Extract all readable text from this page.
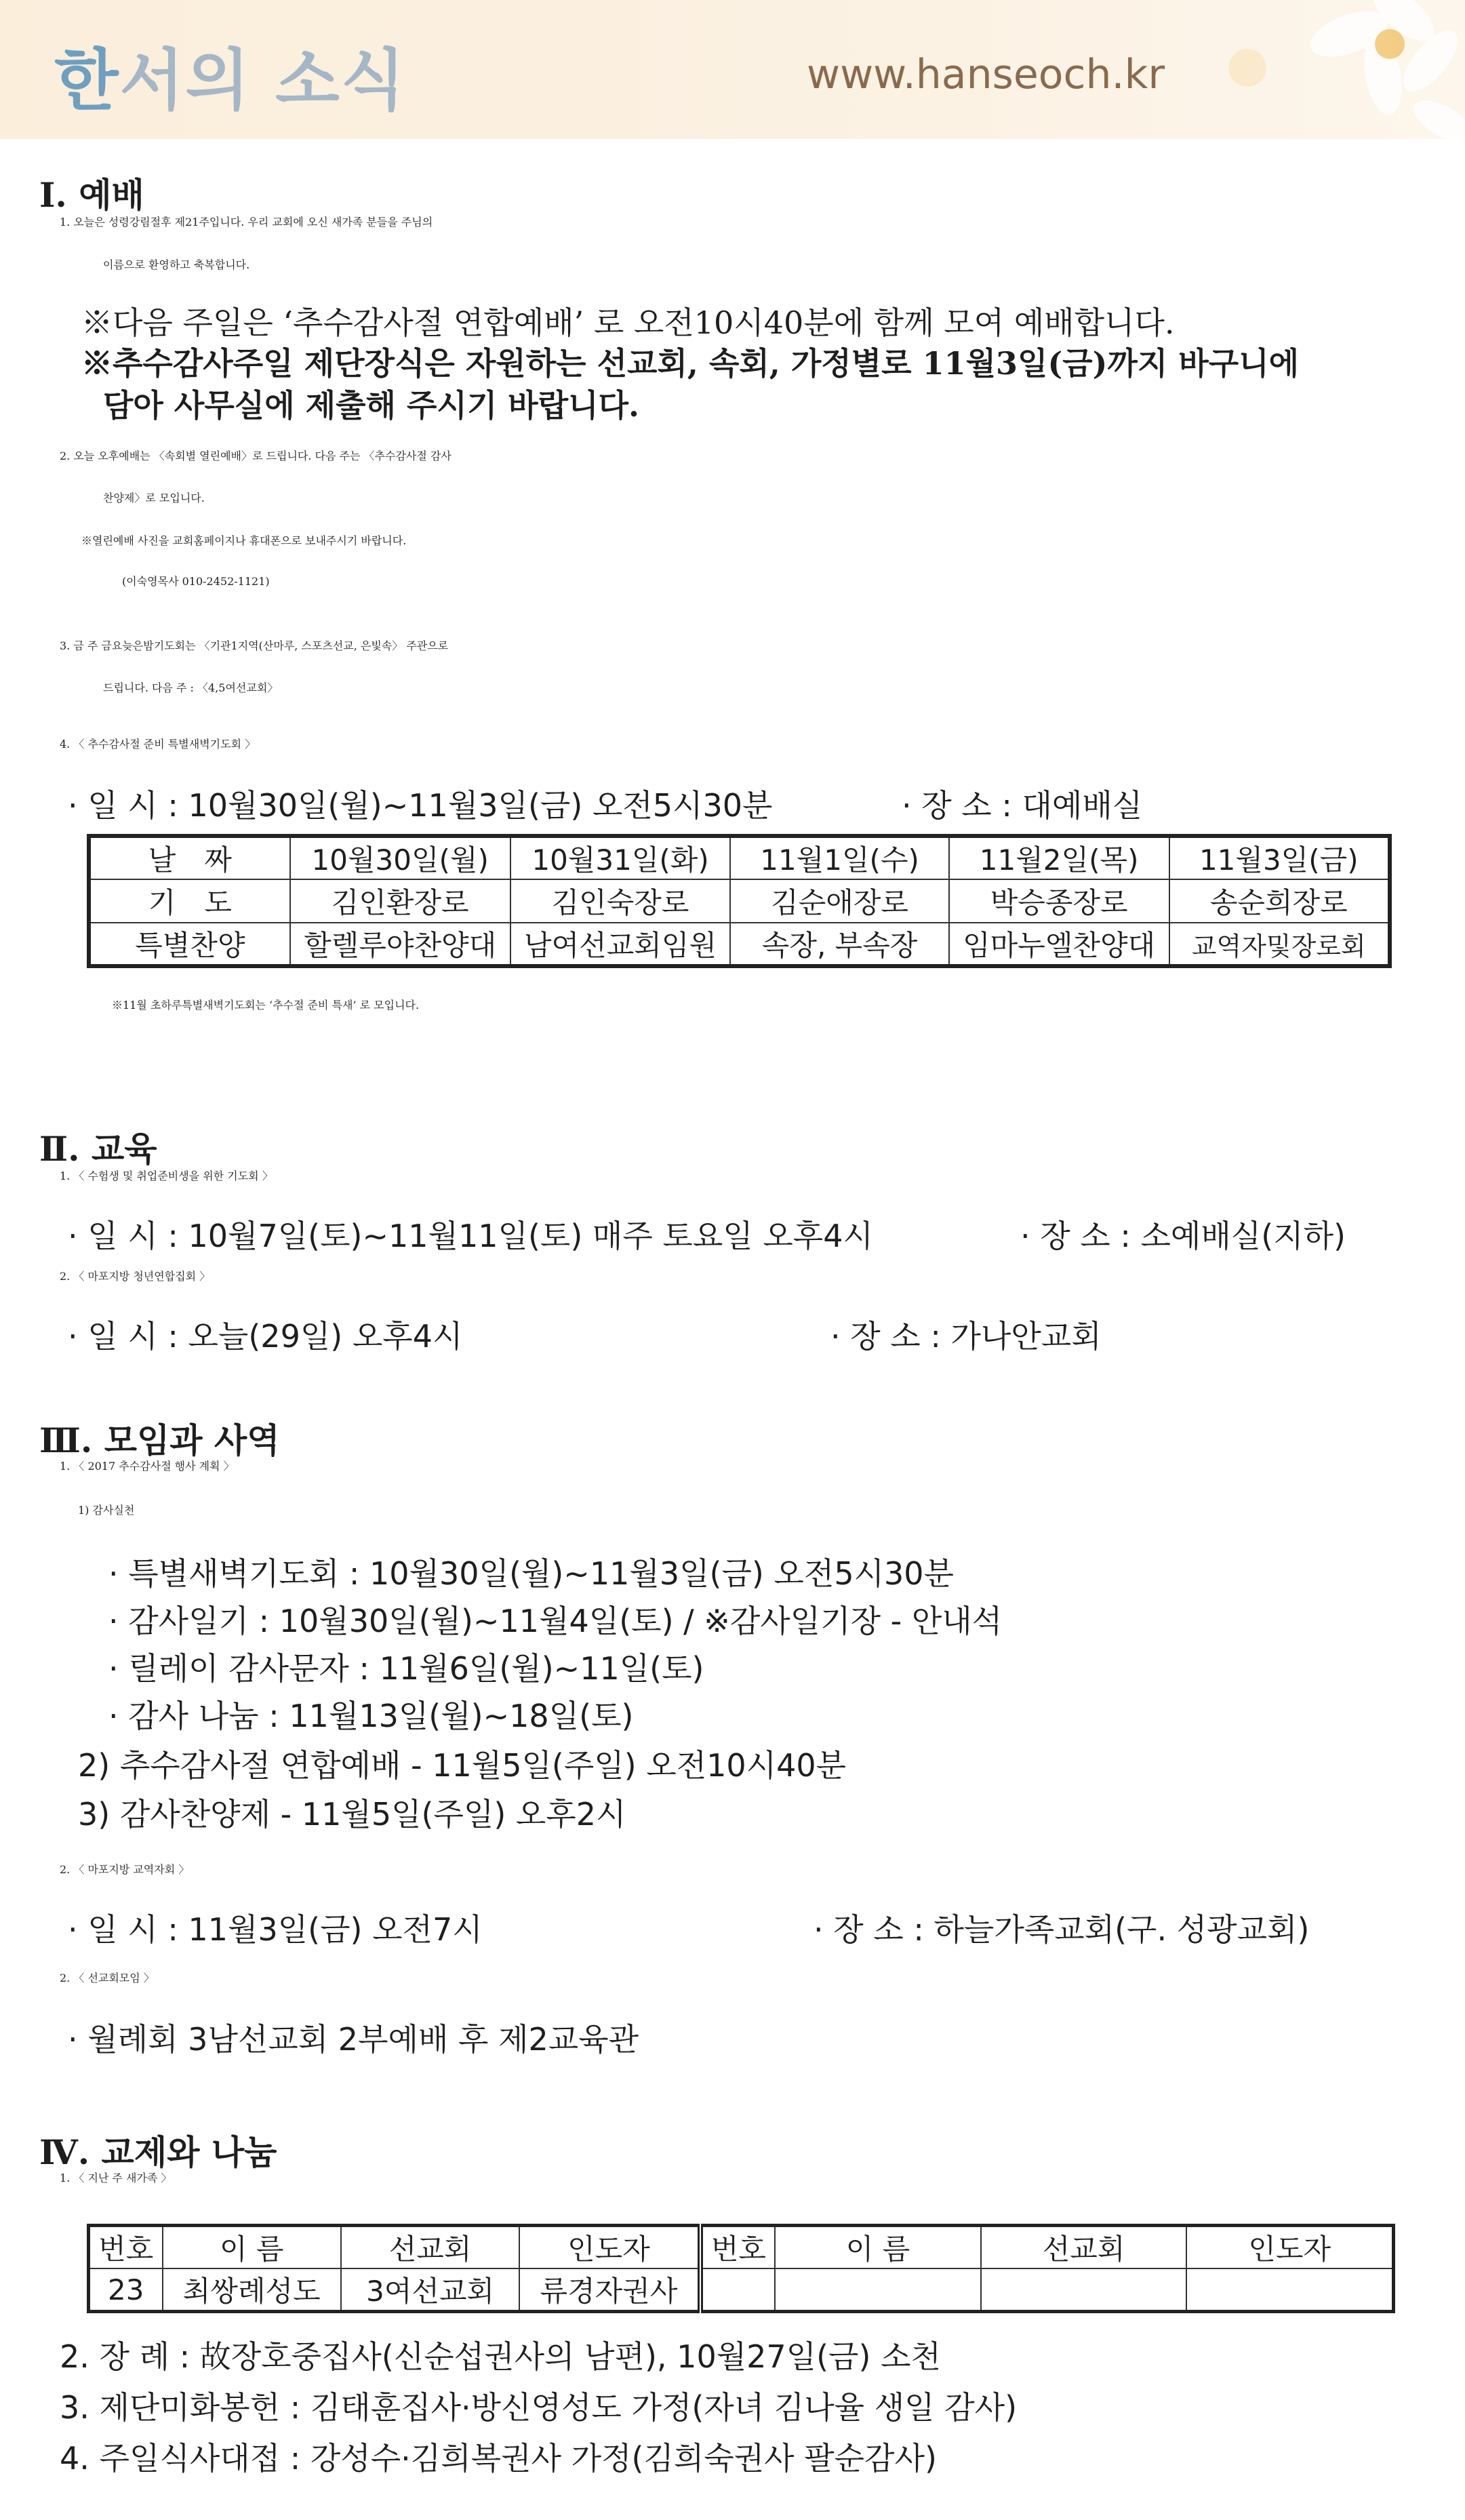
한서의 소식	www.hanseoch.kr
Ⅰ. 예배
1. 오늘은 성령강림절후 제21주입니다. 우리 교회에 오신 새가족 분들을 주님의
이름으로 환영하고 축복합니다.
※다음 주일은 ‘추수감사절 연합예배’ 로 오전10시40분에 함께 모여 예배합니다.
※추수감사주일 제단장식은 자원하는 선교회, 속회, 가정별로 11월3일(금)까지 바구니에
담아 사무실에 제출해 주시기 바랍니다.
2. 오늘 오후예배는 〈속회별 열린예배〉로 드립니다. 다음 주는 〈추수감사절 감사
찬양제〉로 모입니다.
※열린예배 사진을 교회홈페이지나 휴대폰으로 보내주시기 바랍니다.
(이숙영목사 010-2452-1121)
3. 금 주 금요늦은밤기도회는 〈기관1지역(산마루, 스포츠선교, 은빛속〉 주관으로
드립니다. 다음 주 : 〈4,5여선교회〉
4. 〈 추수감사절 준비 특별새벽기도회 〉
· 일 시 : 10월30일(월)~11월3일(금) 오전5시30분	· 장 소 : 대예배실
날　짜	10월30일(월)	10월31일(화)	11월1일(수)	11월2일(목)	11월3일(금)
기　도	김인환장로	김인숙장로	김순애장로	박승종장로	송순희장로
특별찬양	할렐루야찬양대	남여선교회임원	속장, 부속장	임마누엘찬양대	교역자및장로회
※11월 초하루특별새벽기도회는 ‘추수절 준비 특새’ 로 모입니다.
Ⅱ. 교육
1. 〈 수험생 및 취업준비생을 위한 기도회 〉
· 일 시 : 10월7일(토)~11월11일(토) 매주 토요일 오후4시	· 장 소 : 소예배실(지하)
2. 〈 마포지방 청년연합집회 〉
· 일 시 : 오늘(29일) 오후4시	· 장 소 : 가나안교회
Ⅲ. 모임과 사역
1. 〈 2017 추수감사절 행사 계획 〉
1) 감사실천
· 특별새벽기도회 : 10월30일(월)~11월3일(금) 오전5시30분
· 감사일기 : 10월30일(월)~11월4일(토) / ※감사일기장 - 안내석
· 릴레이 감사문자 : 11월6일(월)~11일(토)
· 감사 나눔 : 11월13일(월)~18일(토)
2) 추수감사절 연합예배 - 11월5일(주일) 오전10시40분
3) 감사찬양제 - 11월5일(주일) 오후2시
2. 〈 마포지방 교역자회 〉
· 일 시 : 11월3일(금) 오전7시	· 장 소 : 하늘가족교회(구. 성광교회)
2. 〈 선교회모임 〉
· 월례회 3남선교회 2부예배 후 제2교육관
Ⅳ. 교제와 나눔
1. 〈 지난 주 새가족 〉
번호	이 름	선교회	인도자	번호	이 름	선교회	인도자
23	최쌍례성도	3여선교회	류경자권사				
2. 장 례 : 故장호중집사(신순섭권사의 남편), 10월27일(금) 소천
3. 제단미화봉헌 : 김태훈집사·방신영성도 가정(자녀 김나율 생일 감사)
4. 주일식사대접 : 강성수·김희복권사 가정(김희숙권사 팔순감사)
